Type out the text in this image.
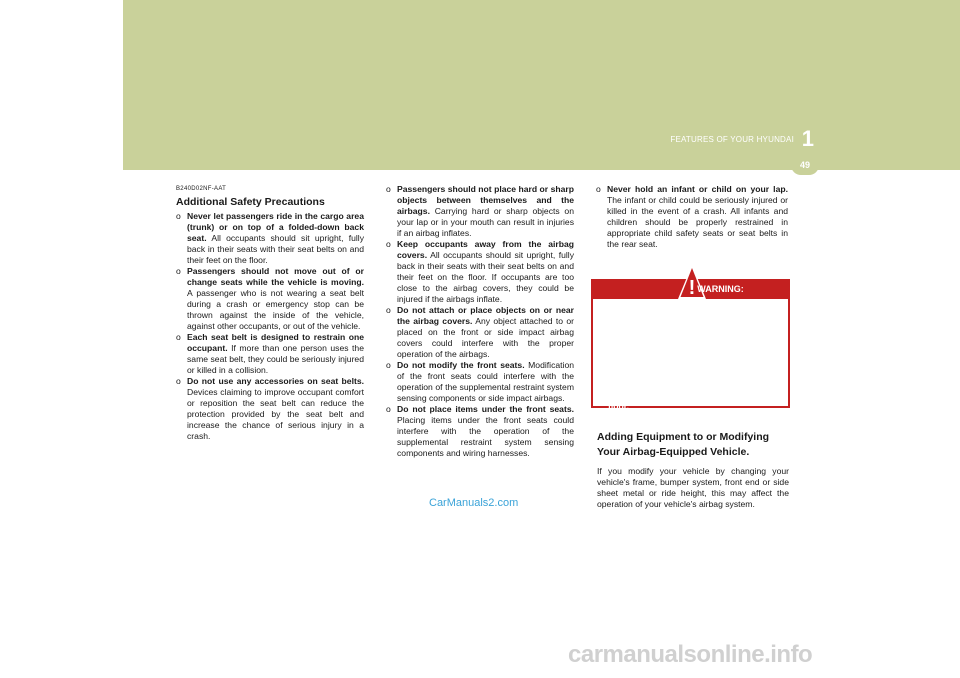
FEATURES OF YOUR HYUNDAI 1
49
B240D02NF-AAT
Additional Safety Precautions
o Never let passengers ride in the cargo area (trunk) or on top of a folded-down back seat. All occupants should sit upright, fully back in their seats with their seat belts on and their feet on the floor.
o Passengers should not move out of or change seats while the vehicle is moving. A passenger who is not wearing a seat belt during a crash or emergency stop can be thrown against the inside of the vehicle, against other occupants, or out of the vehicle.
o Each seat belt is designed to restrain one occupant. If more than one person uses the same seat belt, they could be seriously injured or killed in a collision.
o Do not use any accessories on seat belts. Devices claiming to improve occupant comfort or reposition the seat belt can reduce the protection provided by the seat belt and increase the chance of serious injury in a crash.
o Passengers should not place hard or sharp objects between themselves and the airbags. Carrying hard or sharp objects on your lap or in your mouth can result in injuries if an airbag inflates.
o Keep occupants away from the airbag covers. All occupants should sit upright, fully back in their seats with their seat belts on and their feet on the floor. If occupants are too close to the airbag covers, they could be injured if the airbags inflate.
o Do not attach or place objects on or near the airbag covers. Any object attached to or placed on the front or side impact airbag covers could interfere with the proper operation of the airbags.
o Do not modify the front seats. Modification of the front seats could interfere with the operation of the supplemental restraint system sensing components or side impact airbags.
o Do not place items under the front seats. Placing items under the front seats could interfere with the operation of the supplemental restraint system sensing components and wiring harnesses.
o Never hold an infant or child on your lap. The infant or child could be seriously injured or killed in the event of a crash. All infants and children should be properly restrained in appropriate child safety seats or seat belts in the rear seat.
! WARNING:
o Sitting improperly or out of position can cause occupants to be shifted too close to a deploying airbag, strike the interior structure or be thrown from the vehicle resulting in serious injury or death.
o Always sit upright with the seatback in an upright position, centered on the seat cushion with your seat belt on, legs comfortably extended and your feet on the floor.
Adding Equipment to or Modifying Your Airbag-Equipped Vehicle.
If you modify your vehicle by changing your vehicle's frame, bumper system, front end or side sheet metal or ride height, this may affect the operation of your vehicle's airbag system.
CarManuals2.com
carmanualsonline.info
